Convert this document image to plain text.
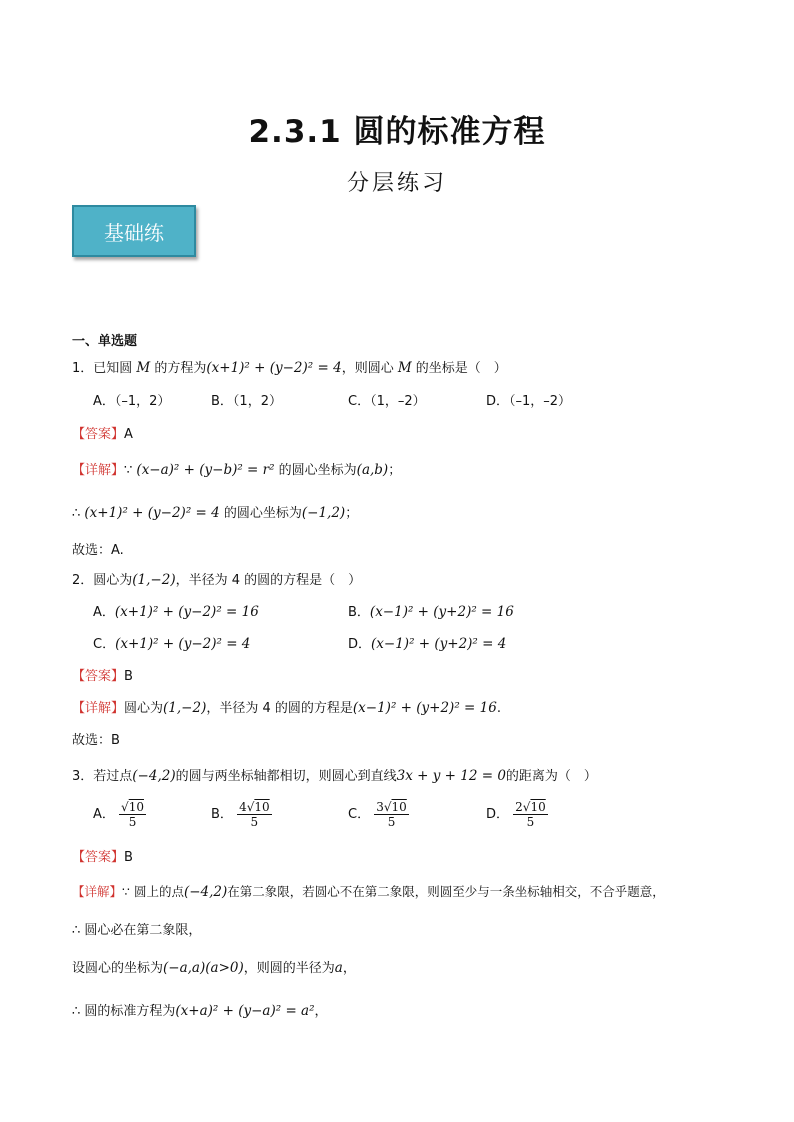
2.3.1 圆的标准方程
分层练习
基础练
一、单选题
1．已知圆 M 的方程为(x+1)² + (y−2)² = 4，则圆心 M 的坐标是（　）
A．（–1，2）	B．（1，2）	C．（1，–2）	D．（–1，–2）
【答案】A
【详解】∵ (x−a)² + (y−b)² = r² 的圆心坐标为(a,b)；
∴ (x+1)² + (y−2)² = 4 的圆心坐标为(−1,2)；
故选：A.
2．圆心为(1,−2)，半径为 4 的圆的方程是（　）
A．(x+1)² + (y−2)² = 16	B．(x−1)² + (y+2)² = 16
C．(x+1)² + (y−2)² = 4	D．(x−1)² + (y+2)² = 4
【答案】B
【详解】圆心为(1,−2)，半径为 4 的圆的方程是(x−1)² + (y+2)² = 16.
故选：B
3．若过点(−4,2)的圆与两坐标轴都相切，则圆心到直线3x + y + 12 = 0的距离为（　）
A． $\frac{√10}{5}$	B． $\frac{4√10}{5}$	C． $\frac{3√10}{5}$	D． $\frac{2√10}{5}$
【答案】B
【详解】∵ 圆上的点(−4,2)在第二象限，若圆心不在第二象限，则圆至少与一条坐标轴相交，不合乎题意，
∴ 圆心必在第二象限，
设圆心的坐标为(−a,a)(a>0)，则圆的半径为a，
∴ 圆的标准方程为(x+a)² + (y−a)² = a²，
